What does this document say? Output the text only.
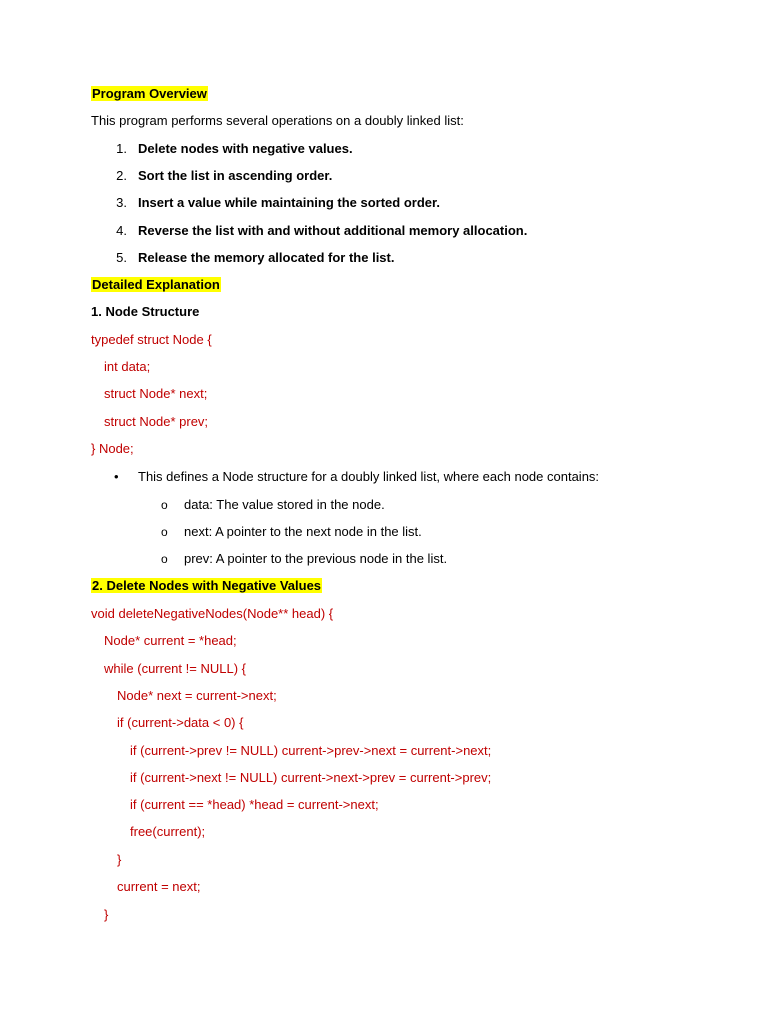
Program Overview
This program performs several operations on a doubly linked list:
1. Delete nodes with negative values.
2. Sort the list in ascending order.
3. Insert a value while maintaining the sorted order.
4. Reverse the list with and without additional memory allocation.
5. Release the memory allocated for the list.
Detailed Explanation
1. Node Structure
typedef struct Node {
int data;
struct Node* next;
struct Node* prev;
} Node;
• This defines a Node structure for a doubly linked list, where each node contains:
o data: The value stored in the node.
o next: A pointer to the next node in the list.
o prev: A pointer to the previous node in the list.
2. Delete Nodes with Negative Values
void deleteNegativeNodes(Node** head) {
Node* current = *head;
while (current != NULL) {
Node* next = current->next;
if (current->data < 0) {
if (current->prev != NULL) current->prev->next = current->next;
if (current->next != NULL) current->next->prev = current->prev;
if (current == *head) *head = current->next;
free(current);
}
current = next;
}
